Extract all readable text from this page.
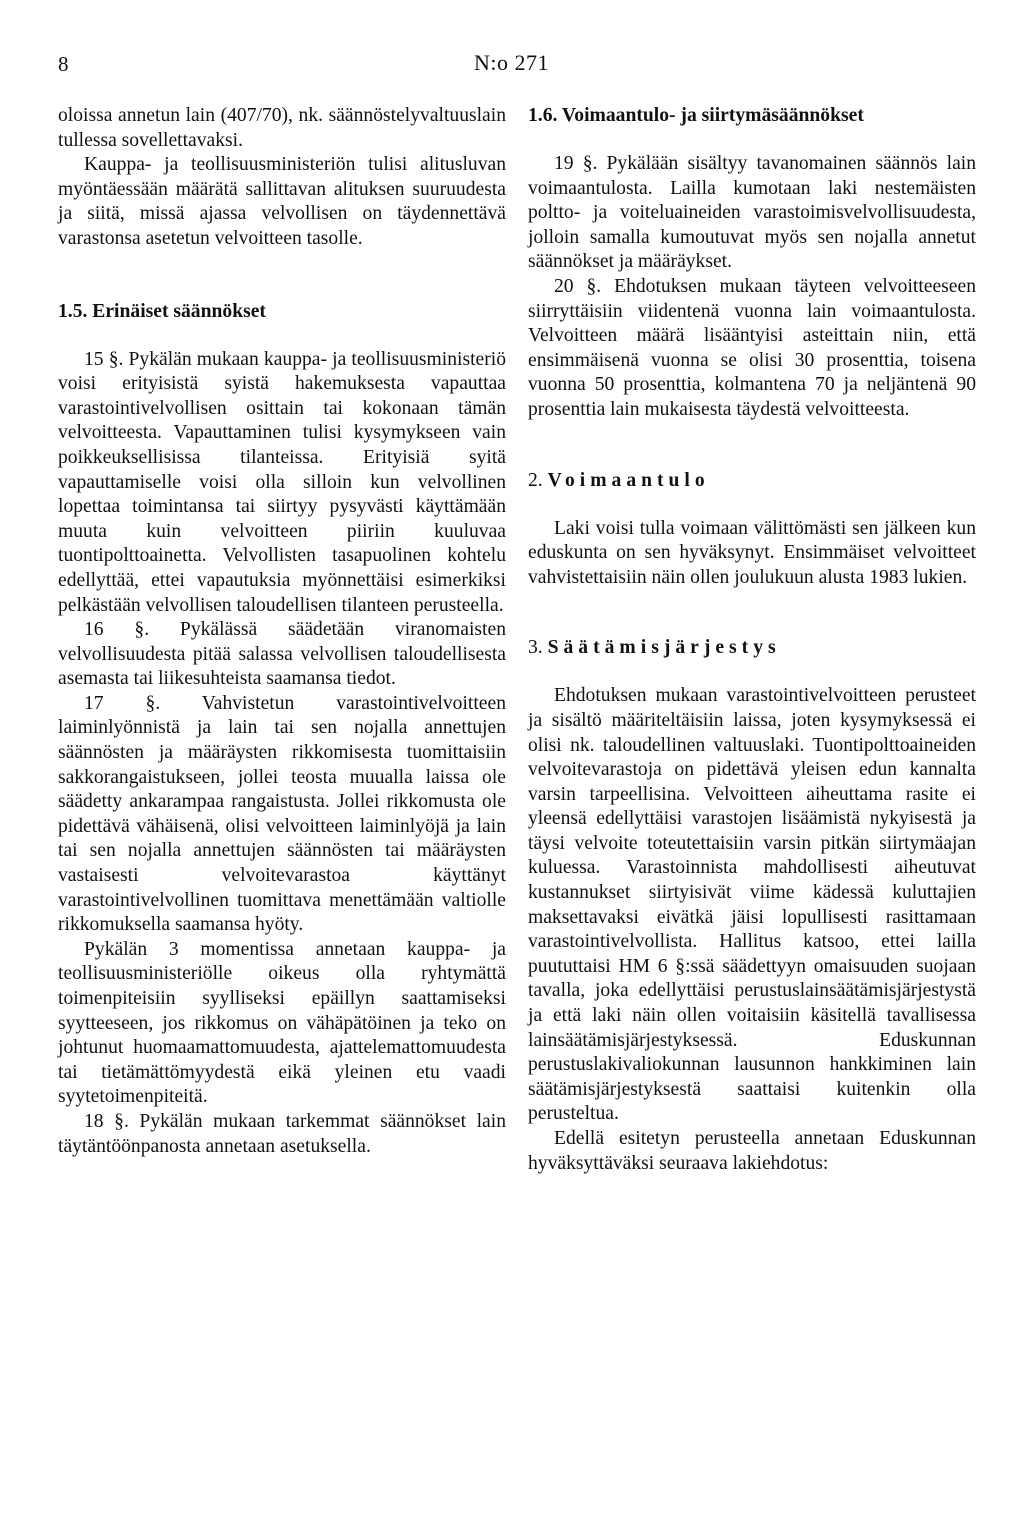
8	N:o 271

oloissa annetun lain (407/70), nk. säännöstelyvaltuuslain tullessa sovellettavaksi.

Kauppa- ja teollisuusministeriön tulisi alitusluvan myöntäessään määrätä sallittavan alituksen suuruudesta ja siitä, missä ajassa velvollisen on täydennettävä varastonsa asetetun velvoitteen tasolle.

1.5. Erinäiset säännökset

15 §. Pykälän mukaan kauppa- ja teollisuusministeriö voisi erityisistä syistä hakemuksesta vapauttaa varastointivelvollisen osittain tai kokonaan tämän velvoitteesta. Vapauttaminen tulisi kysymykseen vain poikkeuksellisissa tilanteissa. Erityisiä syitä vapauttamiselle voisi olla silloin kun velvollinen lopettaa toimintansa tai siirtyy pysyvästi käyttämään muuta kuin velvoitteen piiriin kuuluvaa tuontipolttoainetta. Velvollisten tasapuolinen kohtelu edellyttää, ettei vapautuksia myönnettäisi esimerkiksi pelkästään velvollisen taloudellisen tilanteen perusteella.

16 §. Pykälässä säädetään viranomaisten velvollisuudesta pitää salassa velvollisen taloudellisesta asemasta tai liikesuhteista saamansa tiedot.

17 §. Vahvistetun varastointivelvoitteen laiminlyönnistä ja lain tai sen nojalla annettujen säännösten ja määräysten rikkomisesta tuomittaisiin sakkorangaistukseen, jollei teosta muualla laissa ole säädetty ankarampaa rangaistusta. Jollei rikkomusta ole pidettävä vähäisenä, olisi velvoitteen laiminlyöjä ja lain tai sen nojalla annettujen säännösten tai määräysten vastaisesti velvoitevarastoa käyttänyt varastointivelvollinen tuomittava menettämään valtiolle rikkomuksella saamansa hyöty.

Pykälän 3 momentissa annetaan kauppa- ja teollisuusministeriölle oikeus olla ryhtymättä toimenpiteisiin syylliseksi epäillyn saattamiseksi syytteeseen, jos rikkomus on vähäpätöinen ja teko on johtunut huomaamattomuudesta, ajattelemattomuudesta tai tietämättömyydestä eikä yleinen etu vaadi syytetoimenpiteitä.

18 §. Pykälän mukaan tarkemmat säännökset lain täytäntöönpanosta annetaan asetuksella.

1.6. Voimaantulo- ja siirtymäsäännökset

19 §. Pykälään sisältyy tavanomainen säännös lain voimaantulosta. Lailla kumotaan laki nestemäisten poltto- ja voiteluaineiden varastoimisvelvollisuudesta, jolloin samalla kumoutuvat myös sen nojalla annetut säännökset ja määräykset.

20 §. Ehdotuksen mukaan täyteen velvoitteeseen siirryttäisiin viidentenä vuonna lain voimaantulosta. Velvoitteen määrä lisääntyisi asteittain niin, että ensimmäisenä vuonna se olisi 30 prosenttia, toisena vuonna 50 prosenttia, kolmantena 70 ja neljäntenä 90 prosenttia lain mukaisesta täydestä velvoitteesta.

2. Voimaantulo

Laki voisi tulla voimaan välittömästi sen jälkeen kun eduskunta on sen hyväksynyt. Ensimmäiset velvoitteet vahvistettaisiin näin ollen joulukuun alusta 1983 lukien.

3. Säätämisjärjestys

Ehdotuksen mukaan varastointivelvoitteen perusteet ja sisältö määriteltäisiin laissa, joten kysymyksessä ei olisi nk. taloudellinen valtuuslaki. Tuontipolttoaineiden velvoitevarastoja on pidettävä yleisen edun kannalta varsin tarpeellisina. Velvoitteen aiheuttama rasite ei yleensä edellyttäisi varastojen lisäämistä nykyisestä ja täysi velvoite toteutettaisiin varsin pitkän siirtymäajan kuluessa. Varastoinnista mahdollisesti aiheutuvat kustannukset siirtyisivät viime kädessä kuluttajien maksettavaksi eivätkä jäisi lopullisesti rasittamaan varastointivelvollista. Hallitus katsoo, ettei lailla puututtaisi HM 6 §:ssä säädettyyn omaisuuden suojaan tavalla, joka edellyttäisi perustuslainsäätämisjärjestystä ja että laki näin ollen voitaisiin käsitellä tavallisessa lainsäätämisjärjestyksessä. Eduskunnan perustuslakivaliokunnan lausunnon hankkiminen lain säätämisjärjestyksestä saattaisi kuitenkin olla perusteltua.

Edellä esitetyn perusteella annetaan Eduskunnan hyväksyttäväksi seuraava lakiehdotus:
